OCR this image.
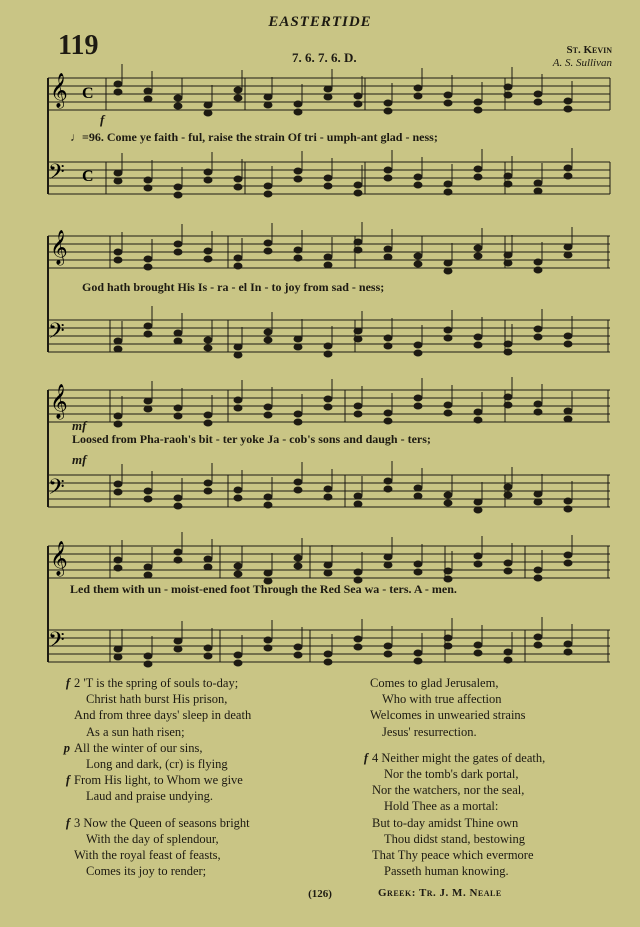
EASTERTIDE
119	7. 6. 7. 6. D.	St. Kevin
A. S. Sullivan
𝄞
𝄢
𝄞
𝄢
𝄞
𝄢
𝄞
𝄢
C
C
f
♩=96. Come ye faith - ful, raise the strain Of tri - umph-ant glad - ness;
God hath brought His Is - ra - el In - to joy from sad - ness;
mf
Loosed from Pha-raoh's bit - ter yoke Ja - cob's sons and daugh - ters;
mf
Led them with un - moist-ened foot Through the Red Sea wa - ters. A - men.
f 2 'T is the spring of souls to-day;
Christ hath burst His prison,
And from three days' sleep in death
As a sun hath risen;
p All the winter of our sins,
Long and dark, (cr) is flying
f From His light, to Whom we give
Laud and praise undying.
f 3 Now the Queen of seasons bright
With the day of splendour,
With the royal feast of feasts,
Comes its joy to render;
Comes to glad Jerusalem,
Who with true affection
Welcomes in unwearied strains
Jesus' resurrection.
f 4 Neither might the gates of death,
Nor the tomb's dark portal,
Nor the watchers, nor the seal,
Hold Thee as a mortal:
But to-day amidst Thine own
Thou didst stand, bestowing
That Thy peace which evermore
Passeth human knowing.
Greek: Tr. J. M. Neale
(126)
